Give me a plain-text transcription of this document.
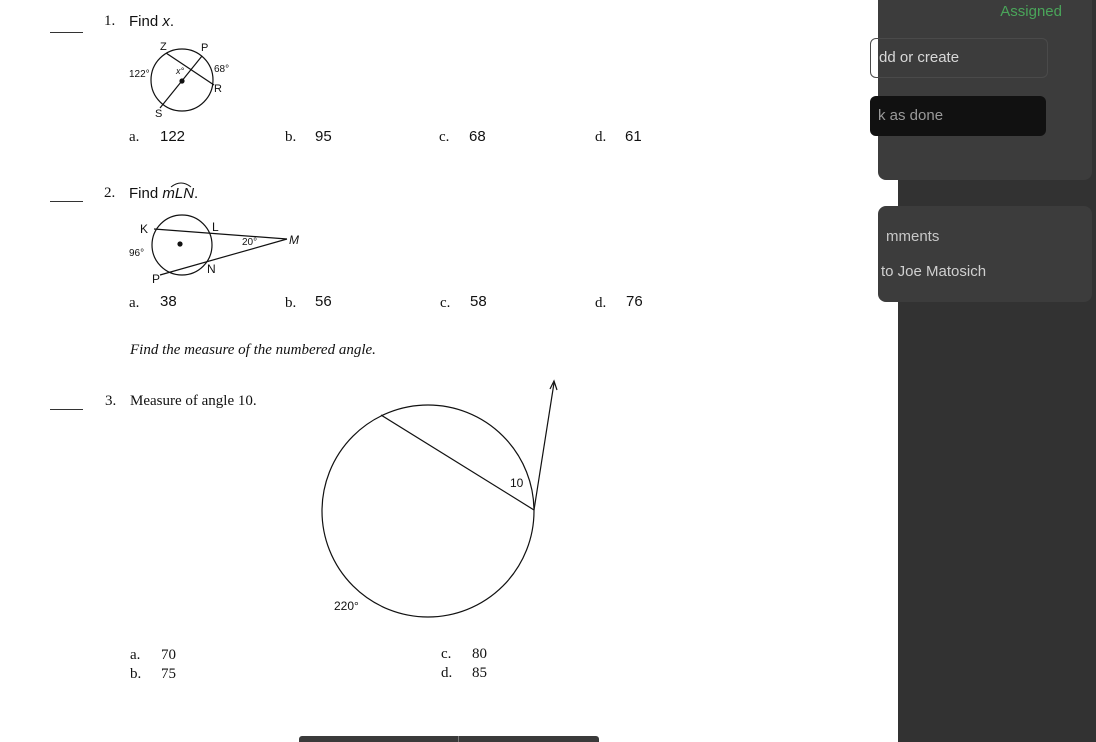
1. Find x.
Z	P
x°
122°	68°
R
S
a. 122	b. 95	c. 68	d. 61
2. Find mLN
.
K	L
M
N
P
96°
20°
a. 38	b. 56	c. 58	d. 76
Find the measure of the numbered angle.
3. Measure of angle 10.
10
220°
a. 70
b. 75
c. 80
d. 85
Assigned
dd or create
k as done
mments
to Joe Matosich
